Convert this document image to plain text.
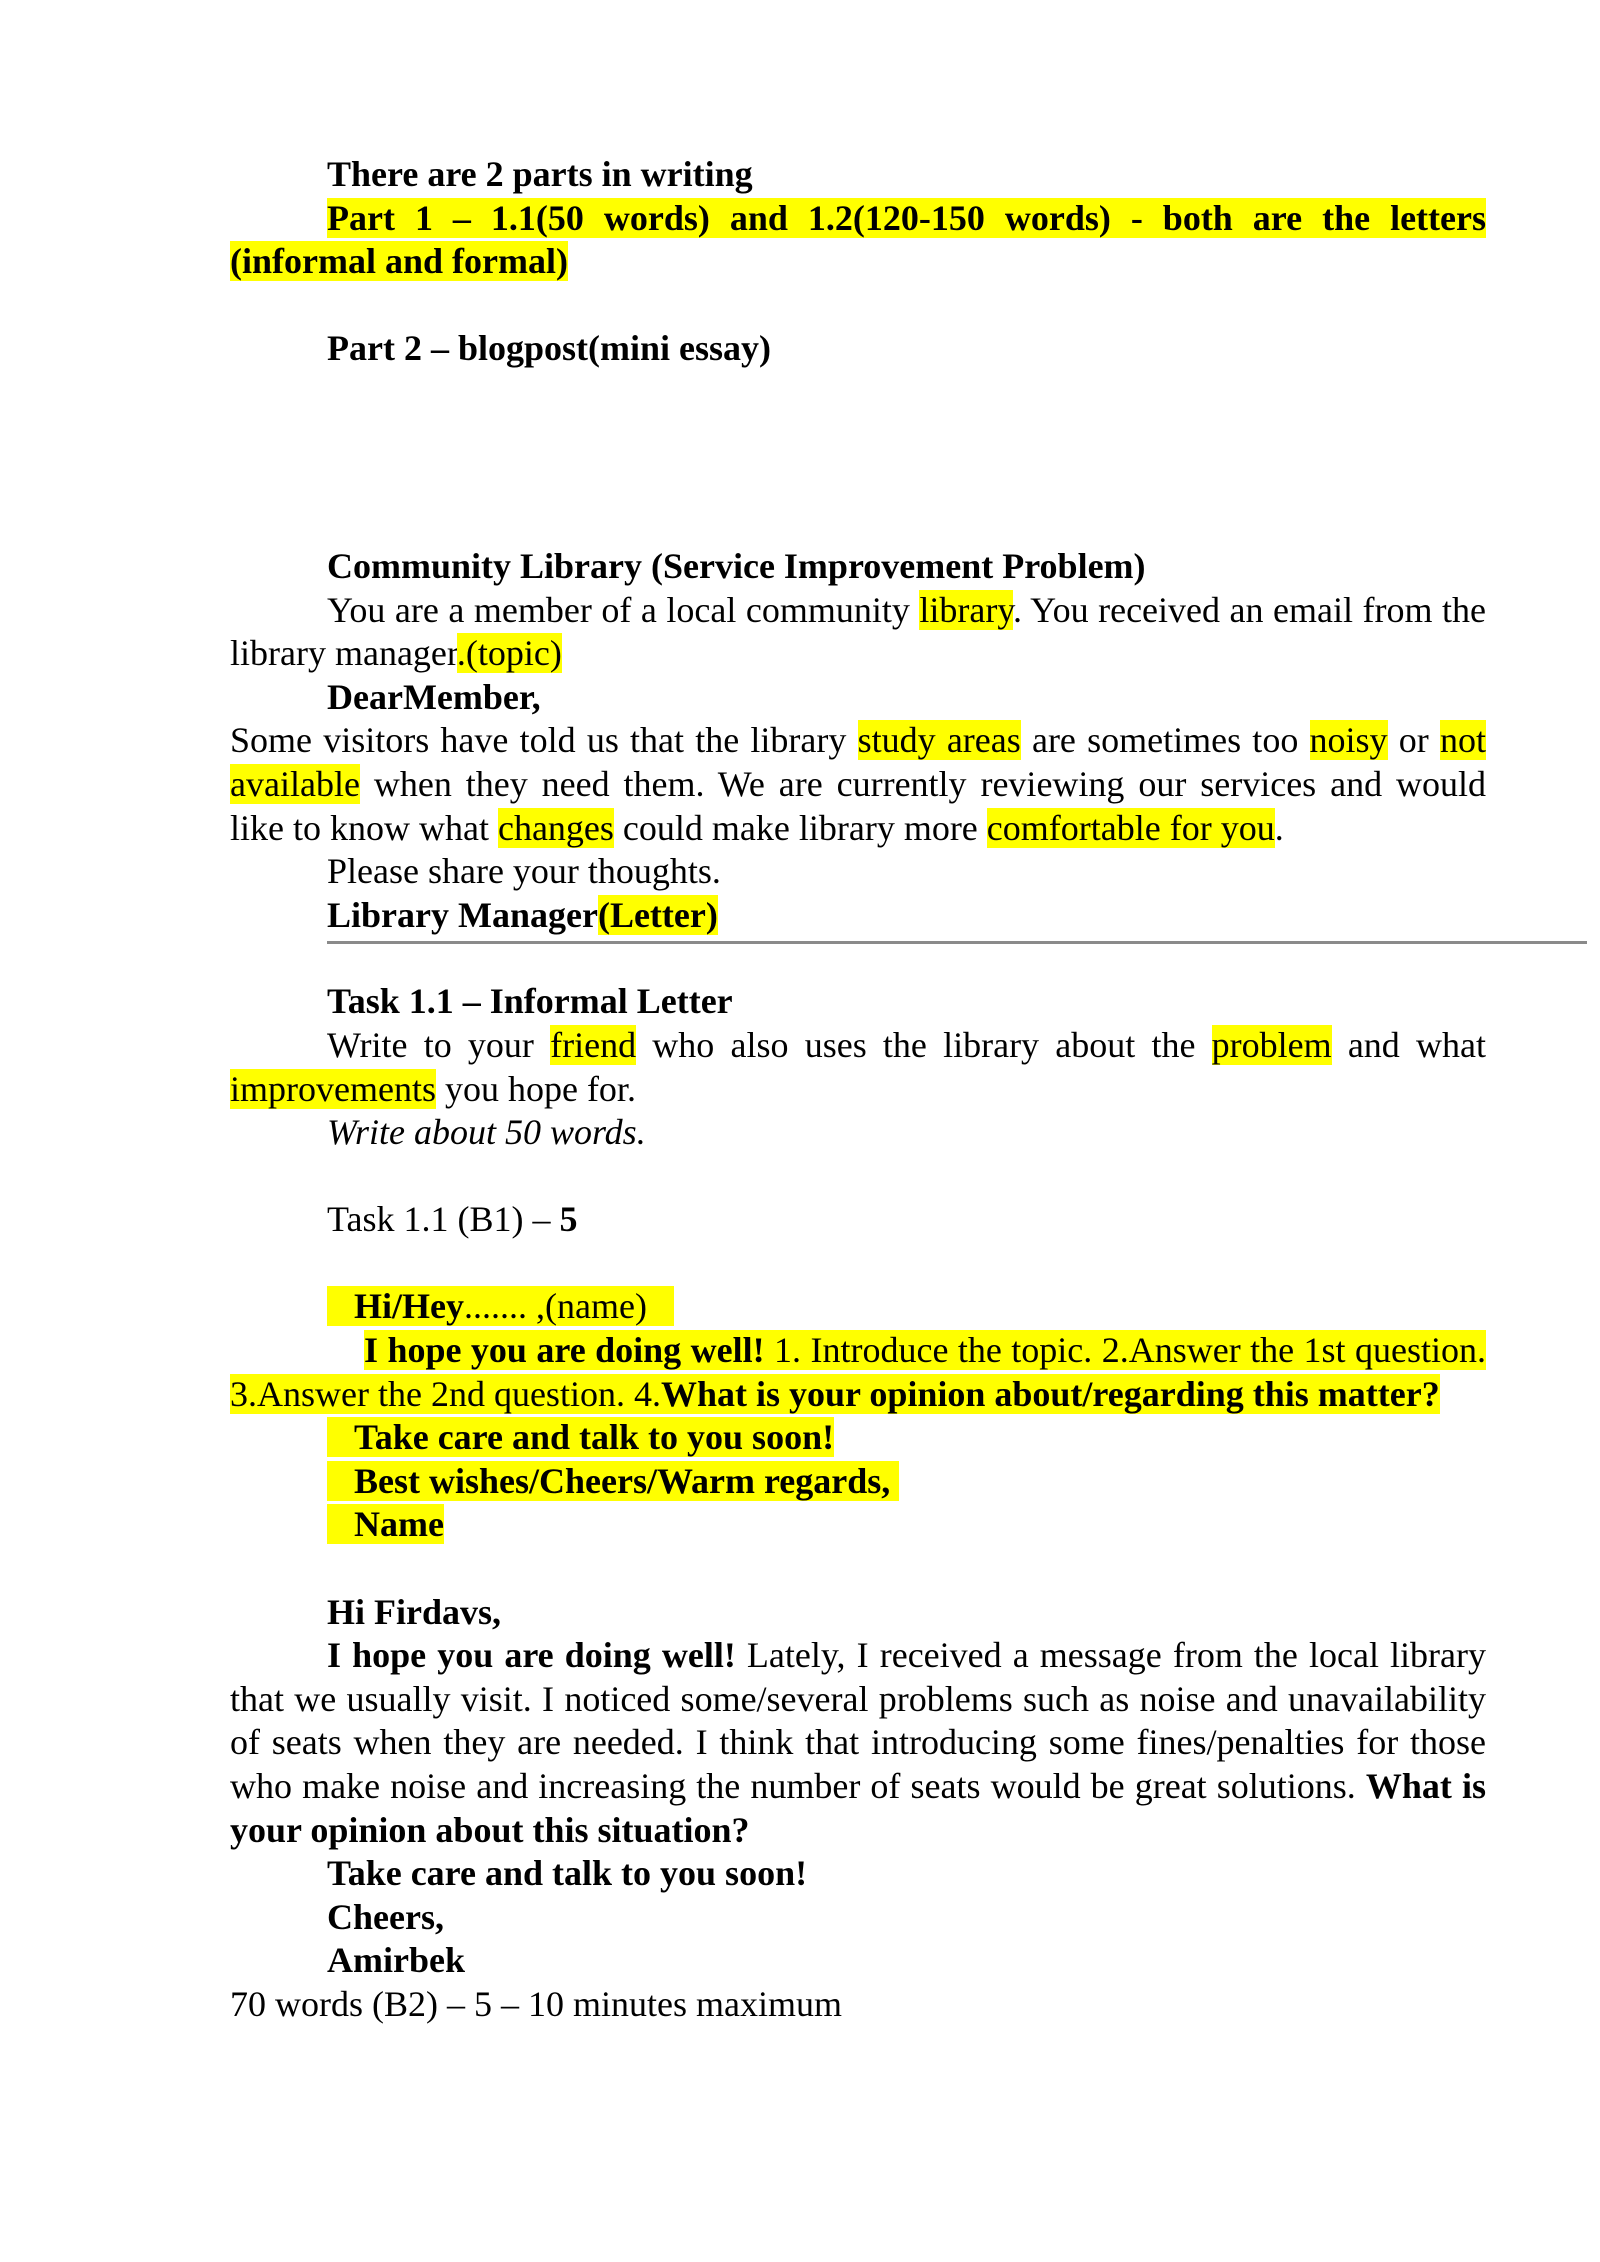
There are 2 parts in writing

Part 1 – 1.1(50 words) and 1.2(120-150 words) - both are the letters (informal and formal)

Part 2 – blogpost(mini essay)

Community Library (Service Improvement Problem)

You are a member of a local community library. You received an email from the library manager.(topic)

DearMember,

Some visitors have told us that the library study areas are sometimes too noisy or not available when they need them. We are currently reviewing our services and would like to know what changes could make library more comfortable for you.

Please share your thoughts.

Library Manager(Letter)

Task 1.1 – Informal Letter

Write to your friend who also uses the library about the problem and what improvements you hope for.

Write about 50 words.

Task 1.1 (B1) – 5

Hi/Hey....... ,(name)

I hope you are doing well! 1. Introduce the topic. 2.Answer the 1st question. 3.Answer the 2nd question. 4.What is your opinion about/regarding this matter?

Take care and talk to you soon!

Best wishes/Cheers/Warm regards,

Name

Hi Firdavs,

I hope you are doing well! Lately, I received a message from the local library that we usually visit. I noticed some/several problems such as noise and unavailability of seats when they are needed. I think that introducing some fines/penalties for those who make noise and increasing the number of seats would be great solutions. What is your opinion about this situation?

Take care and talk to you soon!

Cheers,

Amirbek

70 words (B2) – 5 – 10 minutes maximum
